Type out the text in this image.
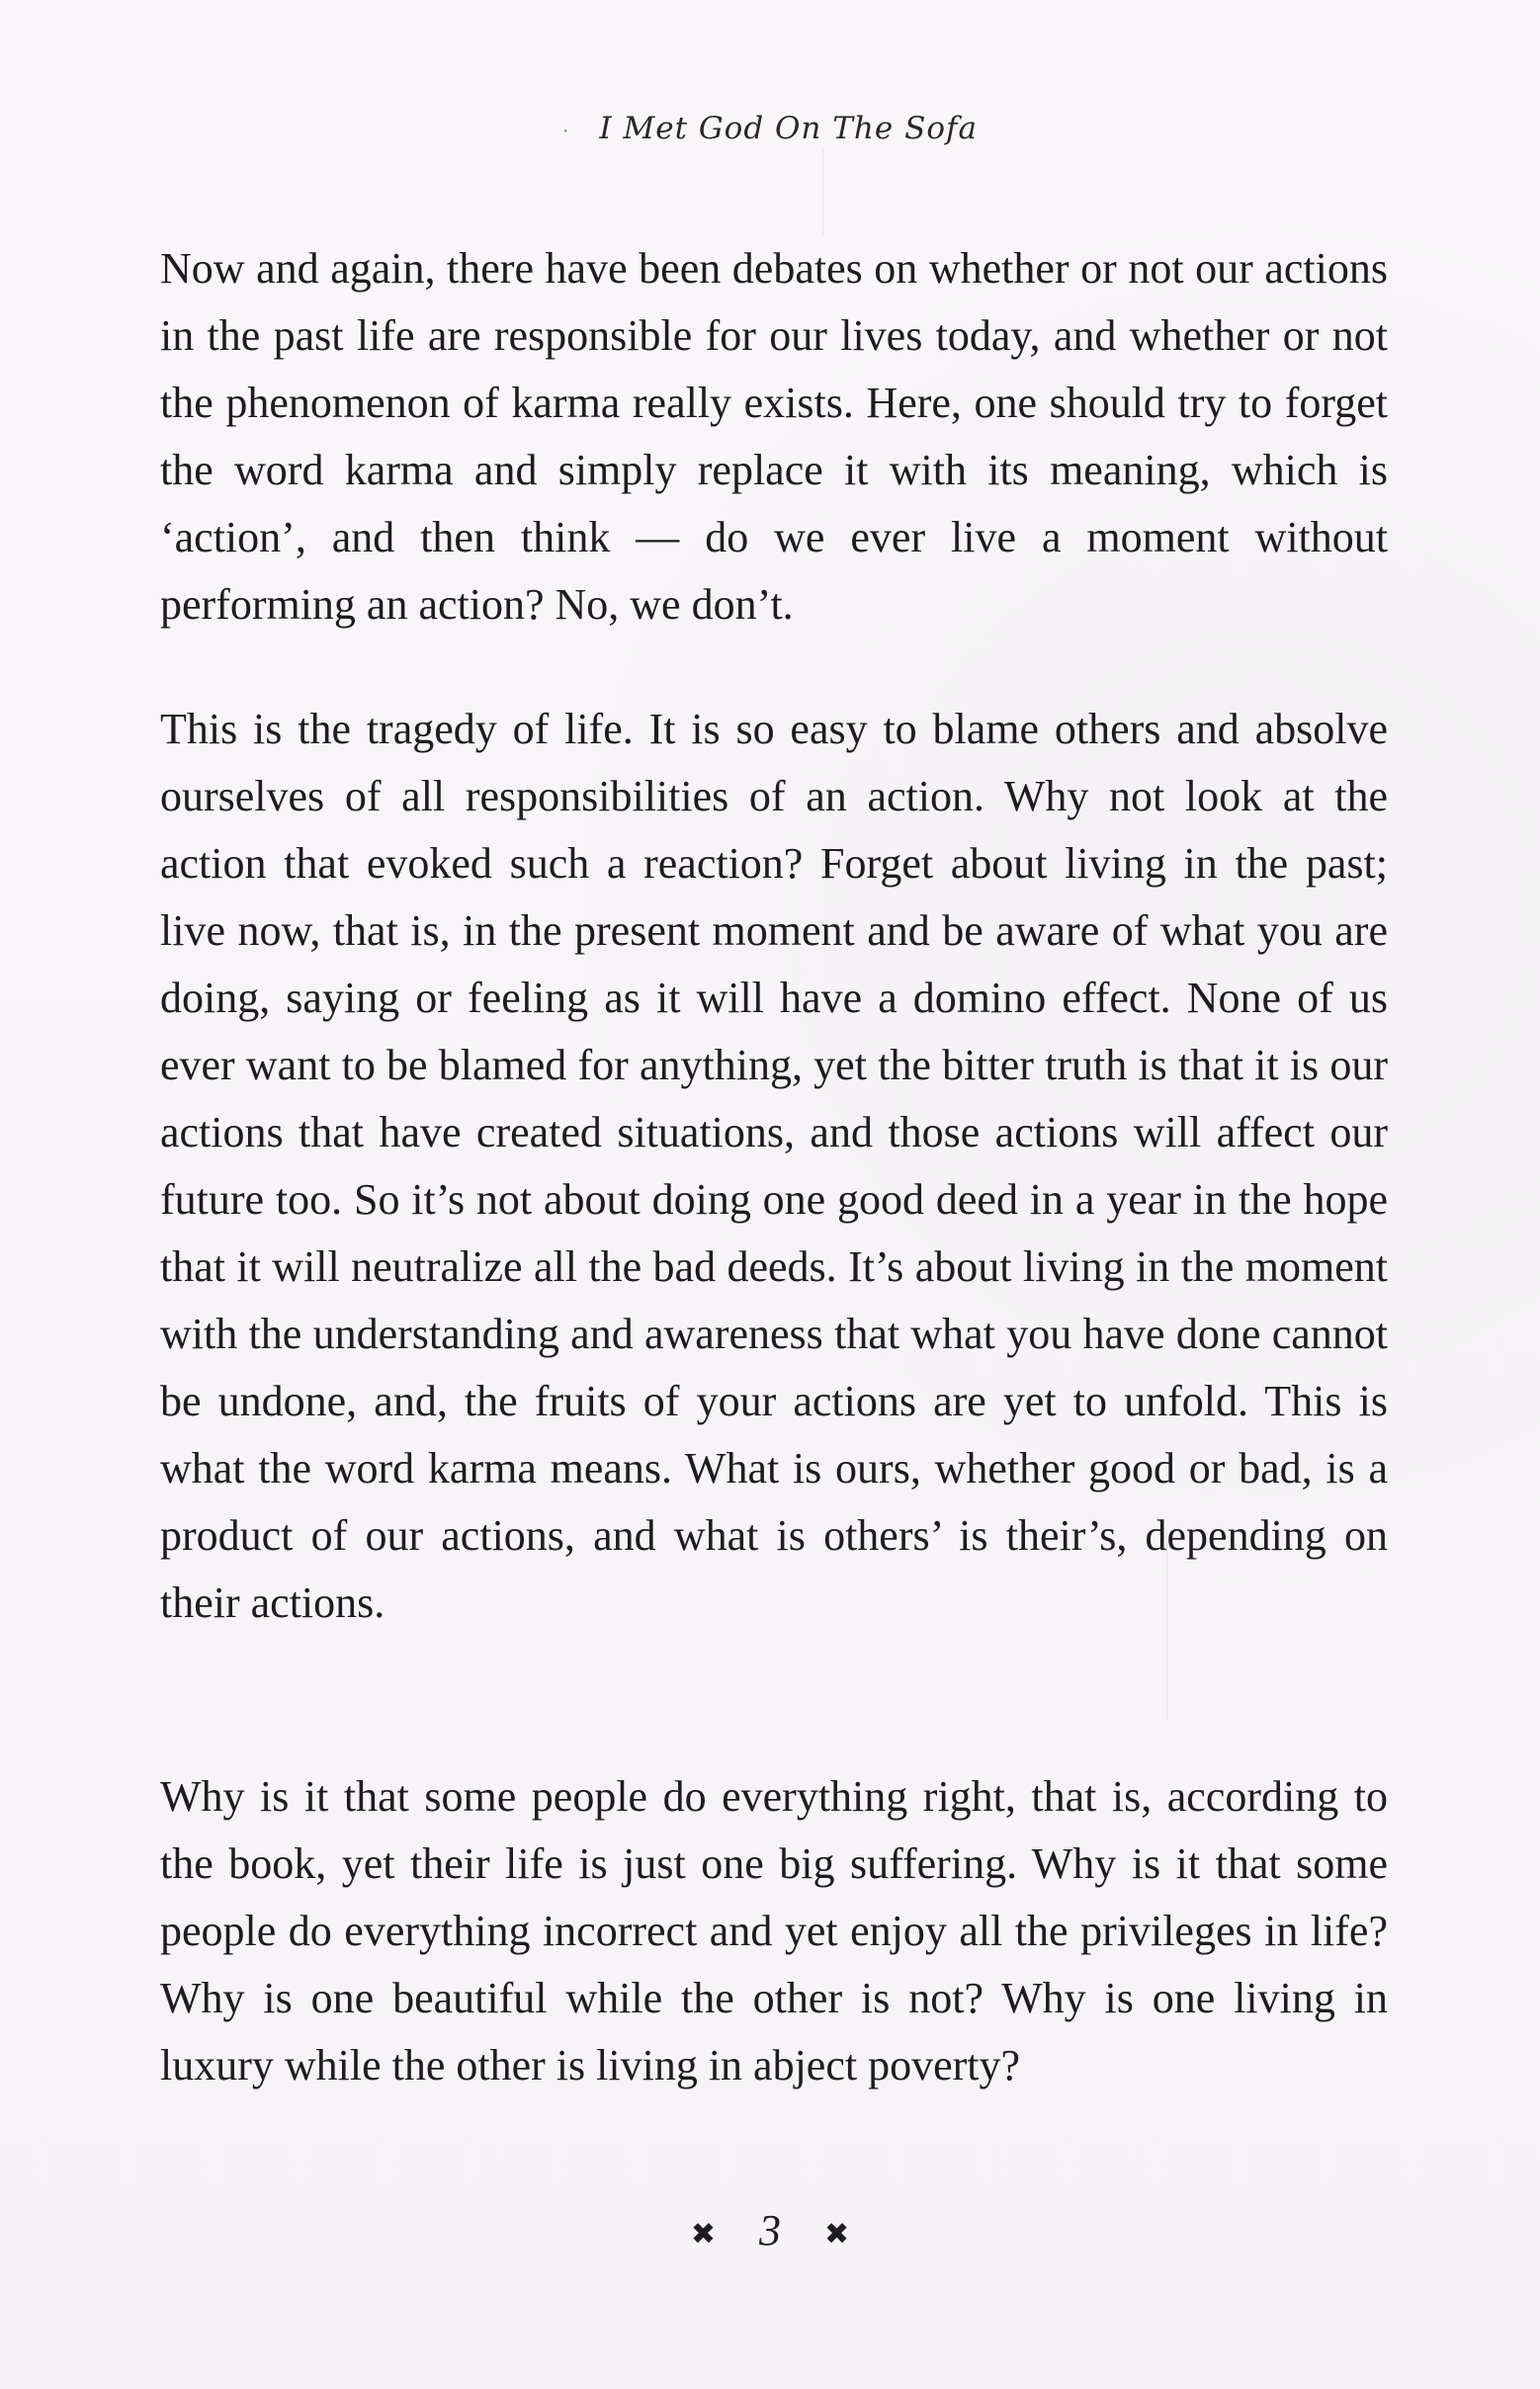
· I Met God On The Sofa

Now and again, there have been debates on whether or not our actions in the past life are responsible for our lives today, and whether or not the phenomenon of karma really exists. Here, one should try to forget the word karma and simply replace it with its meaning, which is ‘action’, and then think — do we ever live a moment without performing an action? No, we don’t.

This is the tragedy of life. It is so easy to blame others and absolve ourselves of all responsibilities of an action. Why not look at the action that evoked such a reaction? Forget about living in the past; live now, that is, in the present moment and be aware of what you are doing, saying or feeling as it will have a domino effect. None of us ever want to be blamed for anything, yet the bitter truth is that it is our actions that have created situations, and those actions will affect our future too. So it’s not about doing one good deed in a year in the hope that it will neutralize all the bad deeds. It’s about living in the moment with the understanding and awareness that what you have done cannot be undone, and, the fruits of your actions are yet to unfold. This is what the word karma means. What is ours, whether good or bad, is a product of our actions, and what is others’ is their’s, depending on their actions.

Why is it that some people do everything right, that is, according to the book, yet their life is just one big suffering. Why is it that some people do everything incorrect and yet enjoy all the privileges in life? Why is one beautiful while the other is not? Why is one living in luxury while the other is living in abject poverty?

✖ 3 ✖
